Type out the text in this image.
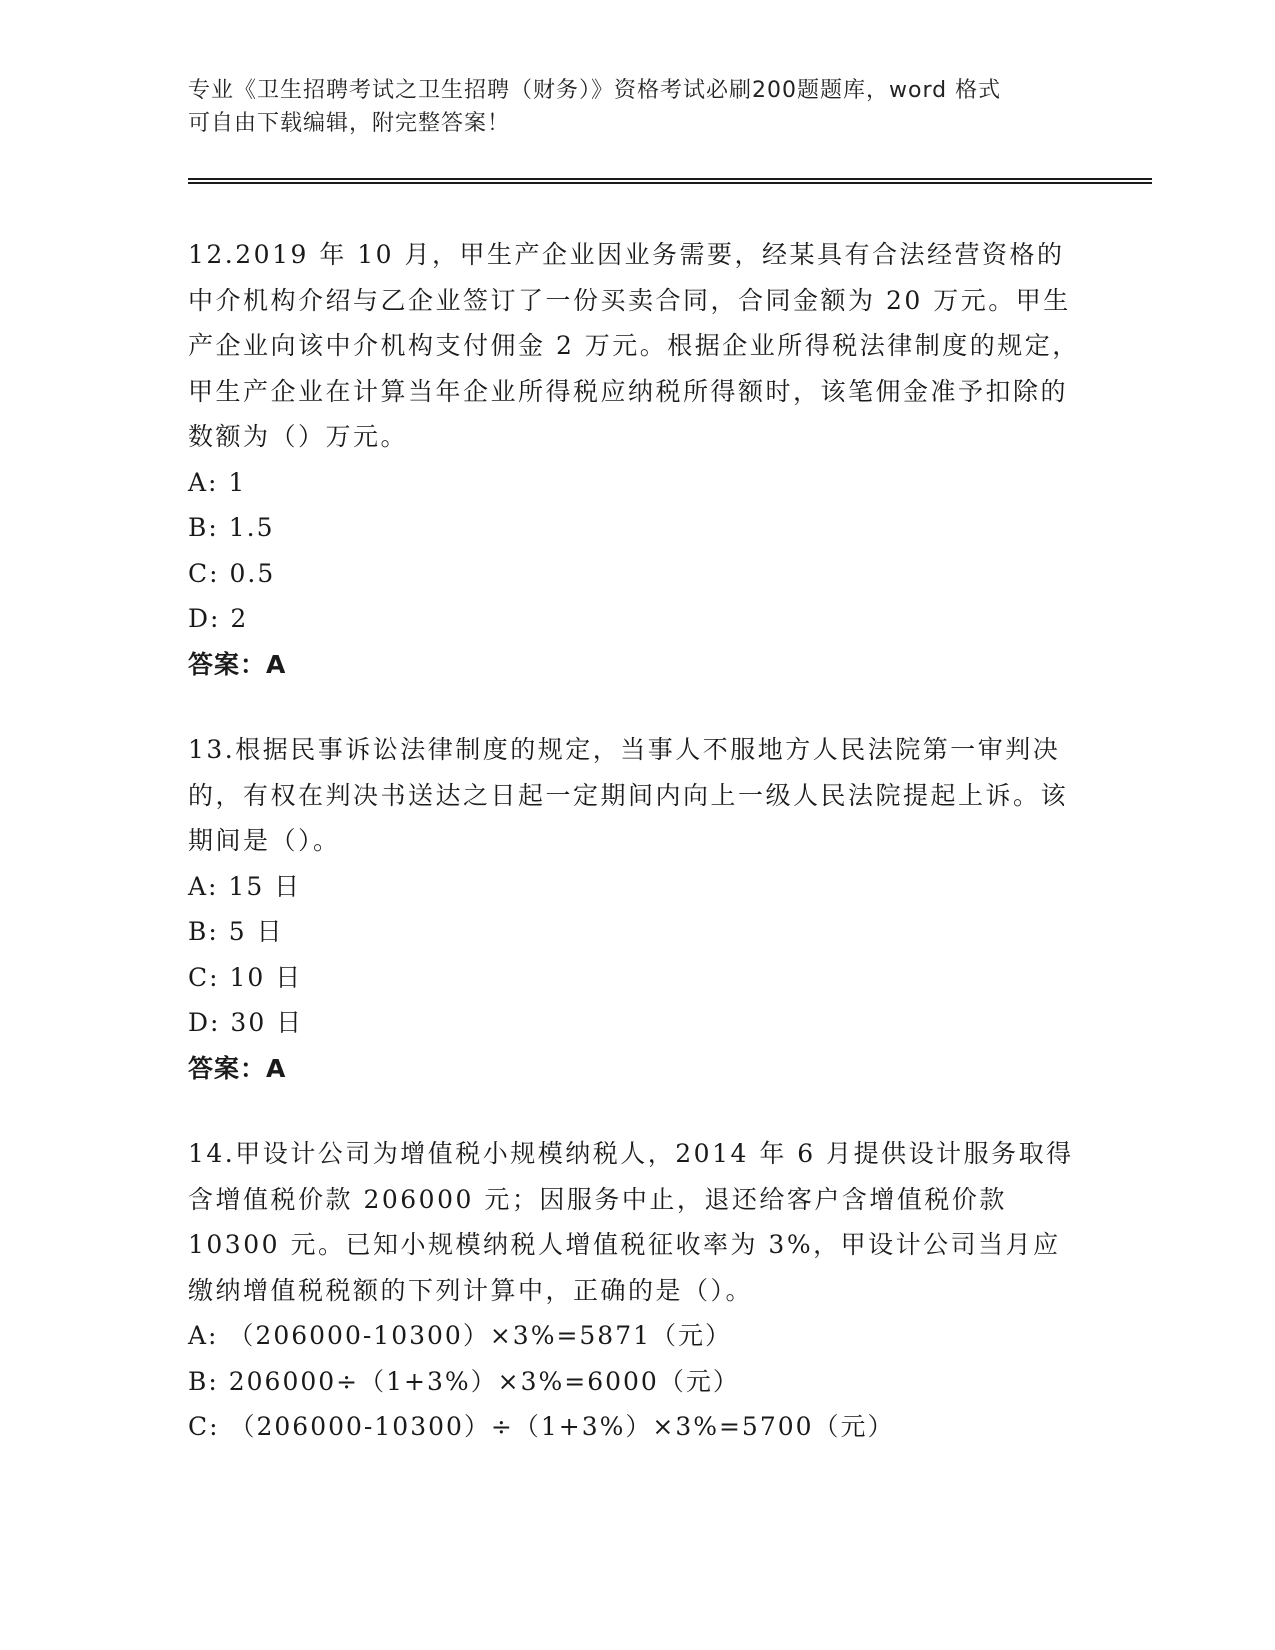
专业《卫生招聘考试之卫生招聘（财务）》资格考试必刷200题题库，word 格式
可自由下载编辑，附完整答案！

12.2019 年 10 月，甲生产企业因业务需要，经某具有合法经营资格的中介机构介绍与乙企业签订了一份买卖合同，合同金额为 20 万元。甲生产企业向该中介机构支付佣金 2 万元。根据企业所得税法律制度的规定，甲生产企业在计算当年企业所得税应纳税所得额时，该笔佣金准予扣除的数额为（）万元。

A: 1

B: 1.5

C: 0.5

D: 2

答案：A

13.根据民事诉讼法律制度的规定，当事人不服地方人民法院第一审判决的，有权在判决书送达之日起一定期间内向上一级人民法院提起上诉。该期间是（）。

A: 15 日

B: 5 日

C: 10 日

D: 30 日

答案：A

14.甲设计公司为增值税小规模纳税人，2014 年 6 月提供设计服务取得含增值税价款 206000 元；因服务中止，退还给客户含增值税价款10300 元。已知小规模纳税人增值税征收率为 3%，甲设计公司当月应缴纳增值税税额的下列计算中，正确的是（）。

A: （206000-10300）×3%=5871（元）

B: 206000÷（1+3%）×3%=6000（元）

C: （206000-10300）÷（1+3%）×3%=5700（元）
